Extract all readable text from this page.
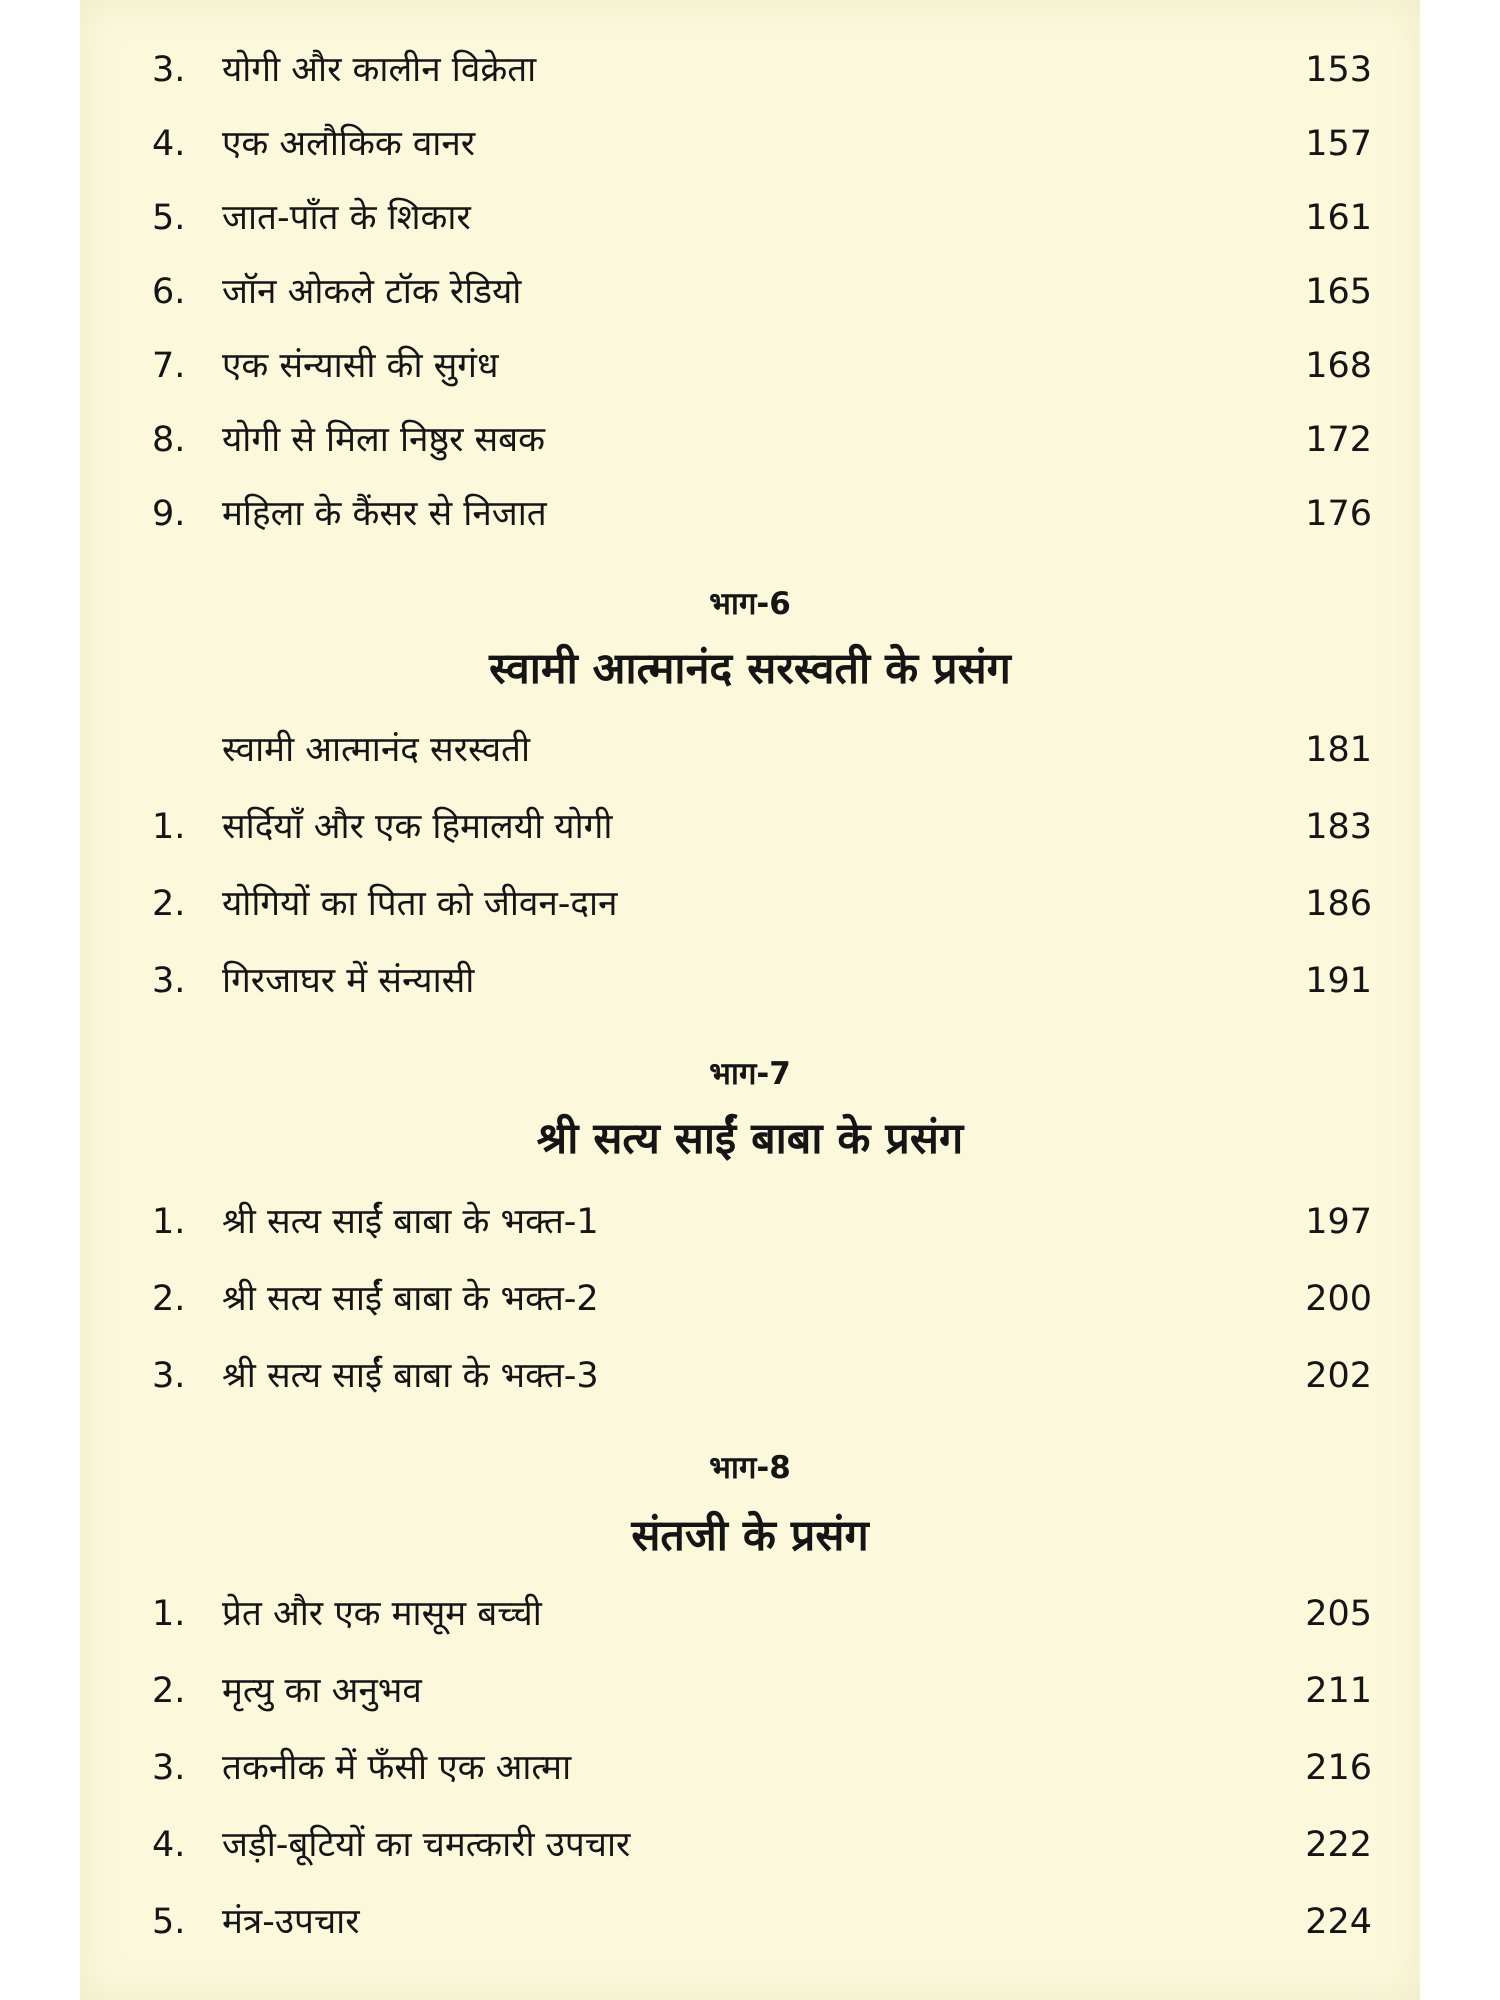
3.	योगी और कालीन विक्रेता	153
4.	एक अलौकिक वानर	157
5.	जात-पाँत के शिकार	161
6.	जॉन ओकले टॉक रेडियो	165
7.	एक संन्यासी की सुगंध	168
8.	योगी से मिला निष्ठुर सबक	172
9.	महिला के कैंसर से निजात	176
भाग-6
स्वामी आत्मानंद सरस्वती के प्रसंग
स्वामी आत्मानंद सरस्वती	181
1.	सर्दियाँ और एक हिमालयी योगी	183
2.	योगियों का पिता को जीवन-दान	186
3.	गिरजाघर में संन्यासी	191
भाग-7
श्री सत्य साईं बाबा के प्रसंग
1.	श्री सत्य साईं बाबा के भक्त-1	197
2.	श्री सत्य साईं बाबा के भक्त-2	200
3.	श्री सत्य साईं बाबा के भक्त-3	202
भाग-8
संतजी के प्रसंग
1.	प्रेत और एक मासूम बच्ची	205
2.	मृत्यु का अनुभव	211
3.	तकनीक में फँसी एक आत्मा	216
4.	जड़ी-बूटियों का चमत्कारी उपचार	222
5.	मंत्र-उपचार	224
